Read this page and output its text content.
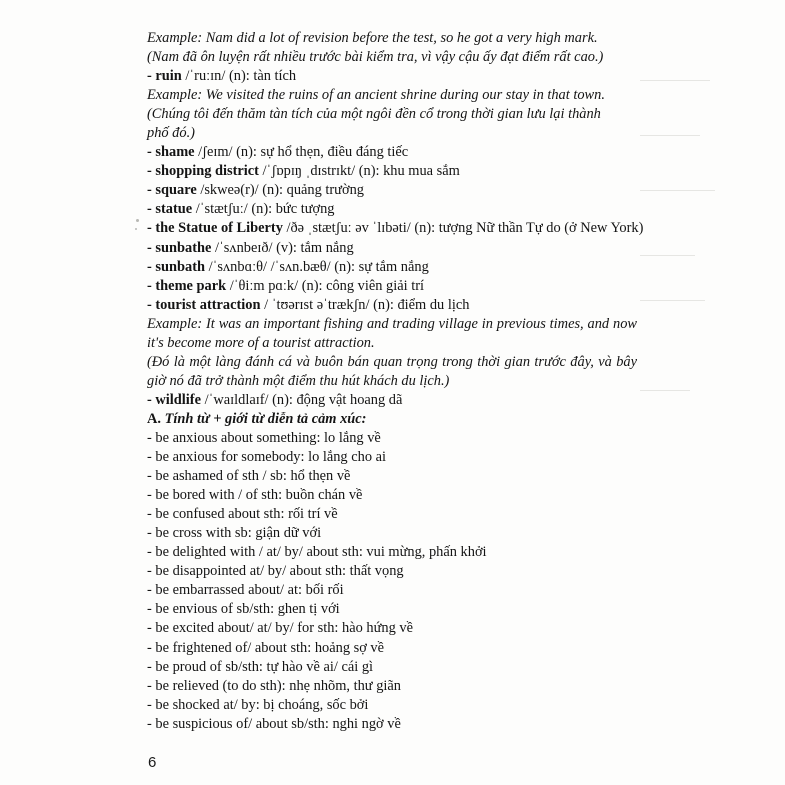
Example: Nam did a lot of revision before the test, so he got a very high mark.
(Nam đã ôn luyện rất nhiều trước bài kiểm tra, vì vậy cậu ấy đạt điểm rất cao.)
- ruin /ˈruːɪn/ (n): tàn tích
Example: We visited the ruins of an ancient shrine during our stay in that town.
(Chúng tôi đến thăm tàn tích của một ngôi đền cổ trong thời gian lưu lại thành
phố đó.)
- shame /ʃeɪm/ (n): sự hổ thẹn, điều đáng tiếc
- shopping district /ˈʃɒpɪŋ ˌdɪstrɪkt/ (n): khu mua sắm
- square /skweə(r)/ (n): quảng trường
- statue /ˈstætʃuː/ (n): bức tượng
- the Statue of Liberty /ðə ˌstætʃuː əv ˈlɪbəti/ (n): tượng Nữ thần Tự do (ở New York)
- sunbathe /ˈsʌnbeɪð/ (v): tắm nắng
- sunbath /ˈsʌnbɑːθ/ /ˈsʌn.bæθ/ (n): sự tắm nắng
- theme park /ˈθiːm pɑːk/ (n): công viên giải trí
- tourist attraction / ˈtʊərɪst əˈtrækʃn/ (n): điểm du lịch
Example: It was an important fishing and trading village in previous times, and now it's become more of a tourist attraction.
(Đó là một làng đánh cá và buôn bán quan trọng trong thời gian trước đây, và bây giờ nó đã trở thành một điểm thu hút khách du lịch.)
- wildlife /ˈwaɪldlaɪf/ (n): động vật hoang dã
A. Tính từ + giới từ diễn tả cảm xúc:
- be anxious about something: lo lắng về
- be anxious for somebody: lo lắng cho ai
- be ashamed of sth / sb: hổ thẹn về
- be bored with / of sth: buồn chán về
- be confused about sth: rối trí về
- be cross with sb: giận dữ với
- be delighted with / at/ by/ about sth: vui mừng, phấn khởi
- be disappointed at/ by/ about sth: thất vọng
- be embarrassed about/ at: bối rối
- be envious of sb/sth: ghen tị với
- be excited about/ at/ by/ for sth: hào hứng về
- be frightened of/ about sth: hoảng sợ về
- be proud of sb/sth: tự hào về ai/ cái gì
- be relieved (to do sth): nhẹ nhõm, thư giãn
- be shocked at/ by: bị choáng, sốc bởi
- be suspicious of/ about sb/sth: nghi ngờ về
6
